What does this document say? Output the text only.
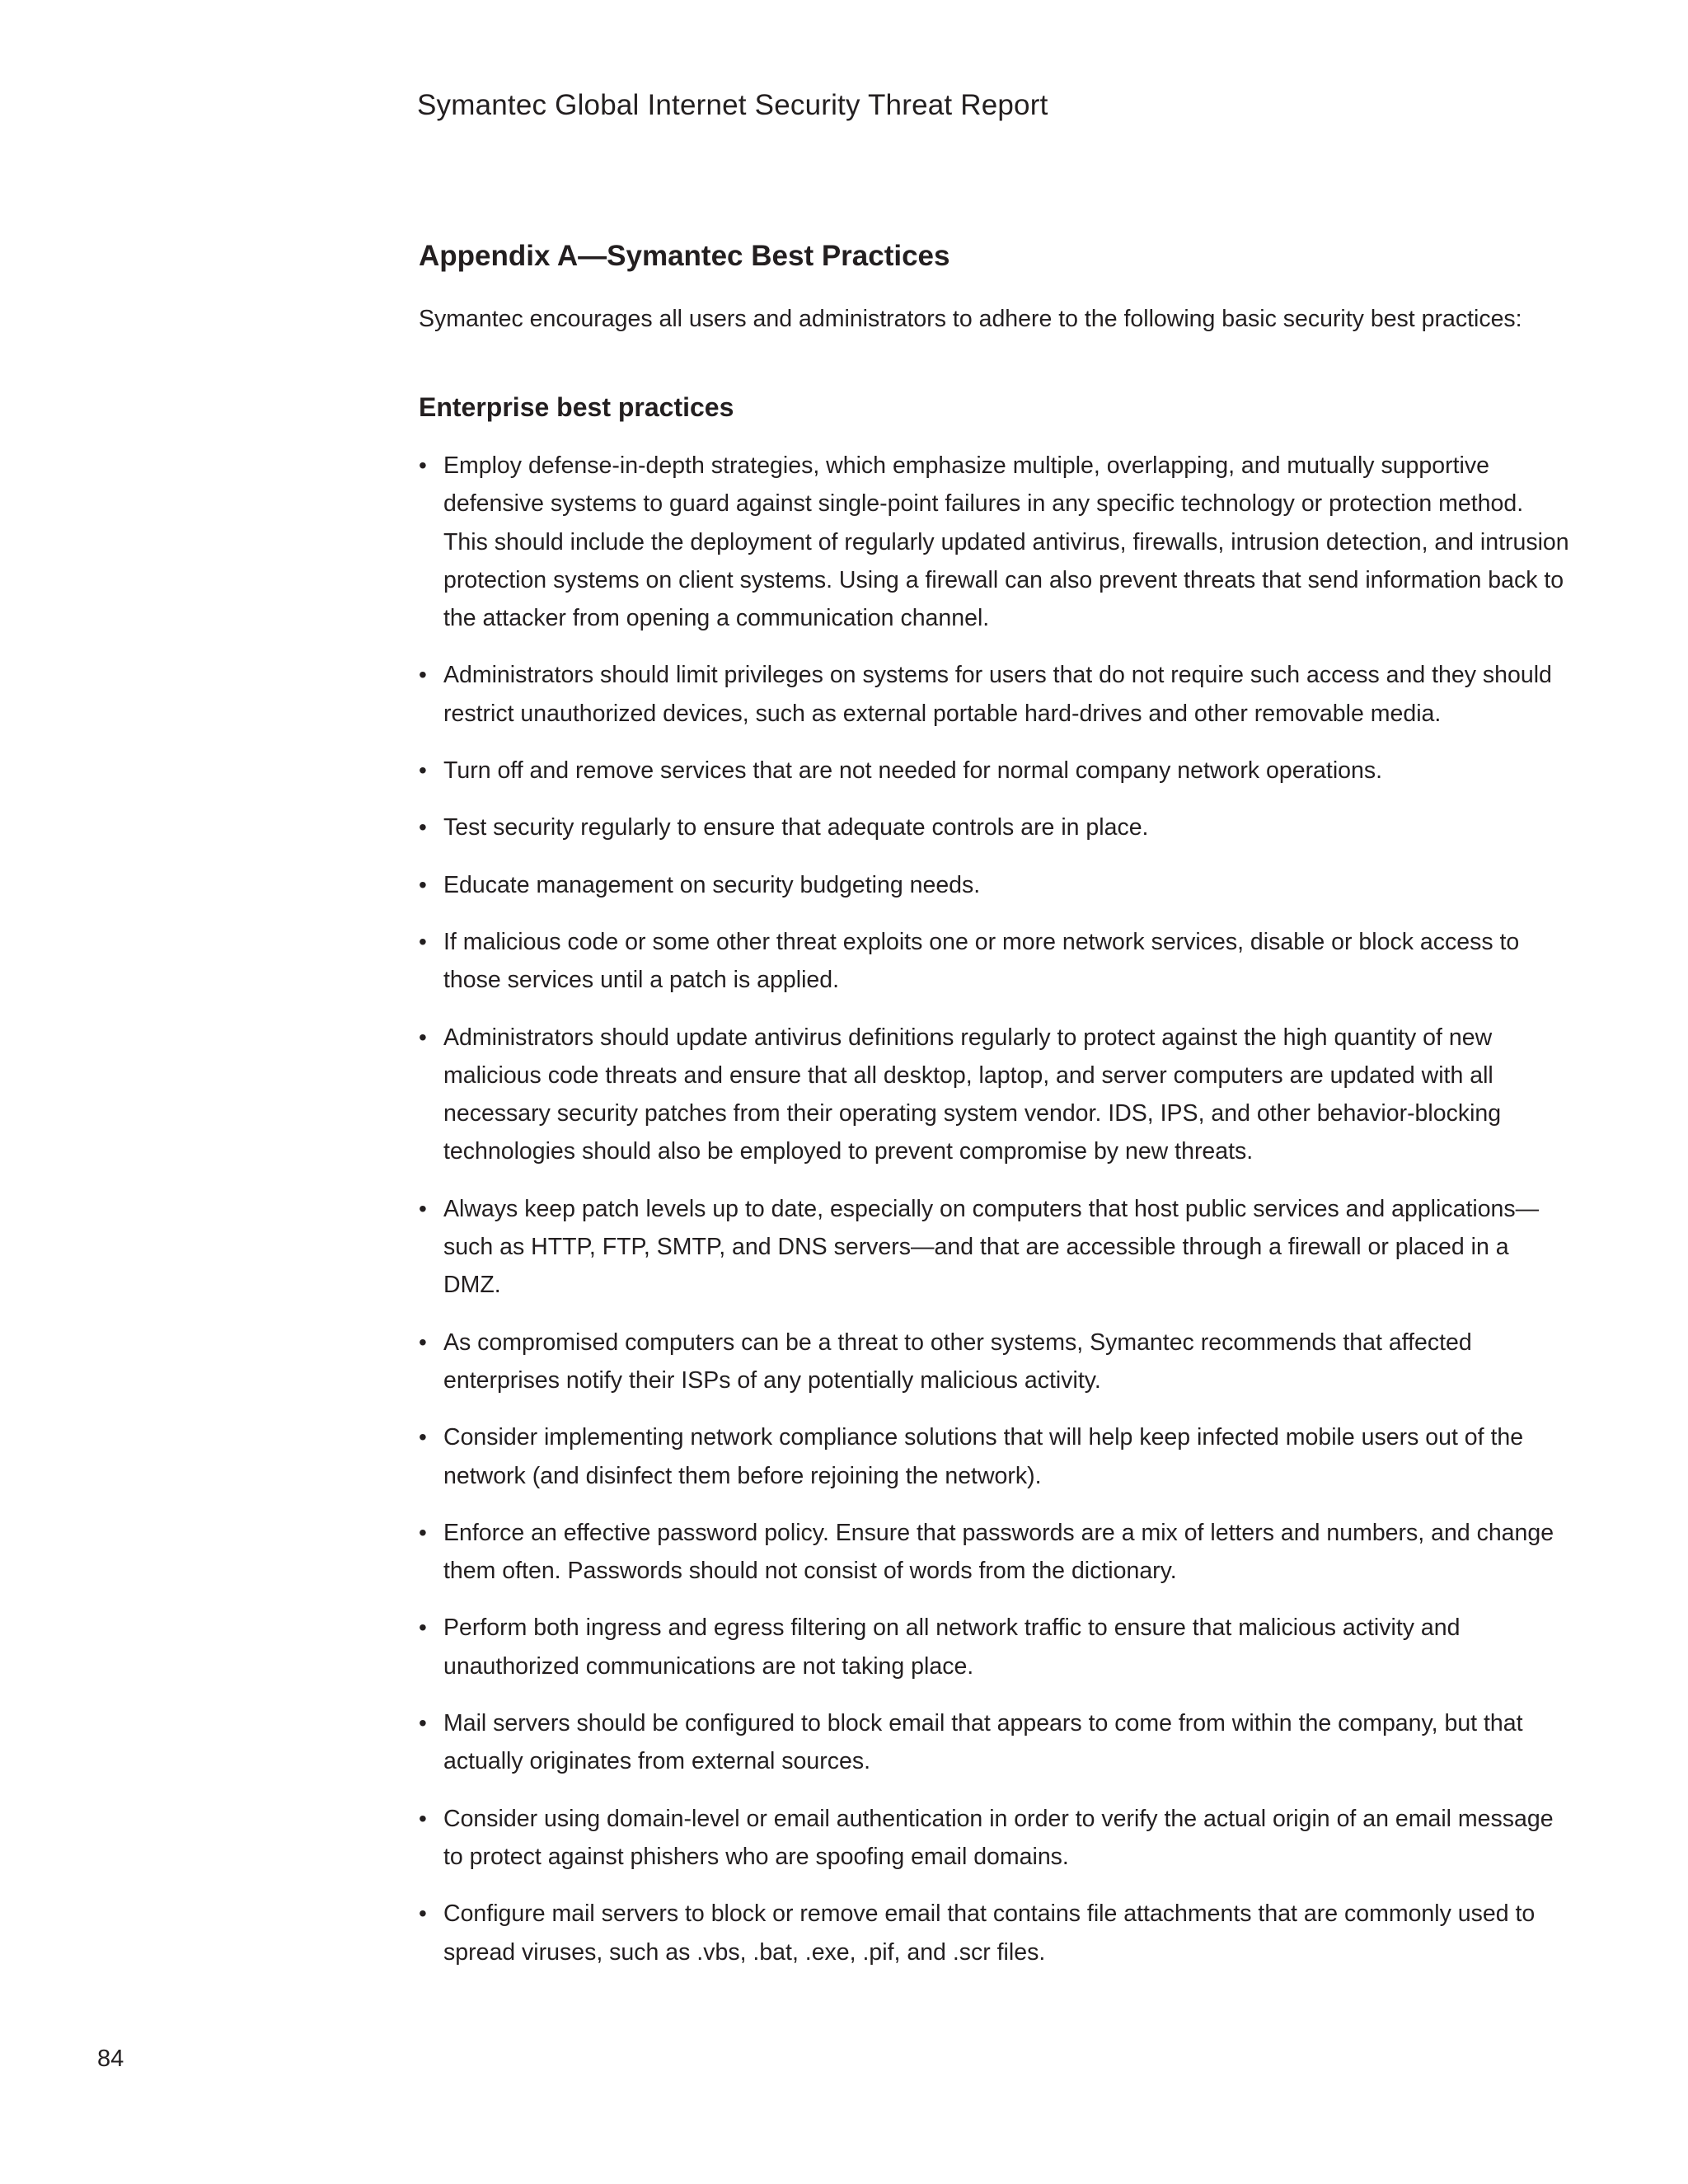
Symantec Global Internet Security Threat Report
Appendix A—Symantec Best Practices

Symantec encourages all users and administrators to adhere to the following basic security best practices:

Enterprise best practices
• Employ defense-in-depth strategies, which emphasize multiple, overlapping, and mutually supportive defensive systems to guard against single-point failures in any specific technology or protection method. This should include the deployment of regularly updated antivirus, firewalls, intrusion detection, and intrusion protection systems on client systems. Using a firewall can also prevent threats that send information back to the attacker from opening a communication channel.
• Administrators should limit privileges on systems for users that do not require such access and they should restrict unauthorized devices, such as external portable hard-drives and other removable media.
• Turn off and remove services that are not needed for normal company network operations.
• Test security regularly to ensure that adequate controls are in place.
• Educate management on security budgeting needs.
• If malicious code or some other threat exploits one or more network services, disable or block access to those services until a patch is applied.
• Administrators should update antivirus definitions regularly to protect against the high quantity of new malicious code threats and ensure that all desktop, laptop, and server computers are updated with all necessary security patches from their operating system vendor. IDS, IPS, and other behavior-blocking technologies should also be employed to prevent compromise by new threats.
• Always keep patch levels up to date, especially on computers that host public services and applications—such as HTTP, FTP, SMTP, and DNS servers—and that are accessible through a firewall or placed in a DMZ.
• As compromised computers can be a threat to other systems, Symantec recommends that affected enterprises notify their ISPs of any potentially malicious activity.
• Consider implementing network compliance solutions that will help keep infected mobile users out of the network (and disinfect them before rejoining the network).
• Enforce an effective password policy. Ensure that passwords are a mix of letters and numbers, and change them often. Passwords should not consist of words from the dictionary.
• Perform both ingress and egress filtering on all network traffic to ensure that malicious activity and unauthorized communications are not taking place.
• Mail servers should be configured to block email that appears to come from within the company, but that actually originates from external sources.
• Consider using domain-level or email authentication in order to verify the actual origin of an email message to protect against phishers who are spoofing email domains.
• Configure mail servers to block or remove email that contains file attachments that are commonly used to spread viruses, such as .vbs, .bat, .exe, .pif, and .scr files.
84
